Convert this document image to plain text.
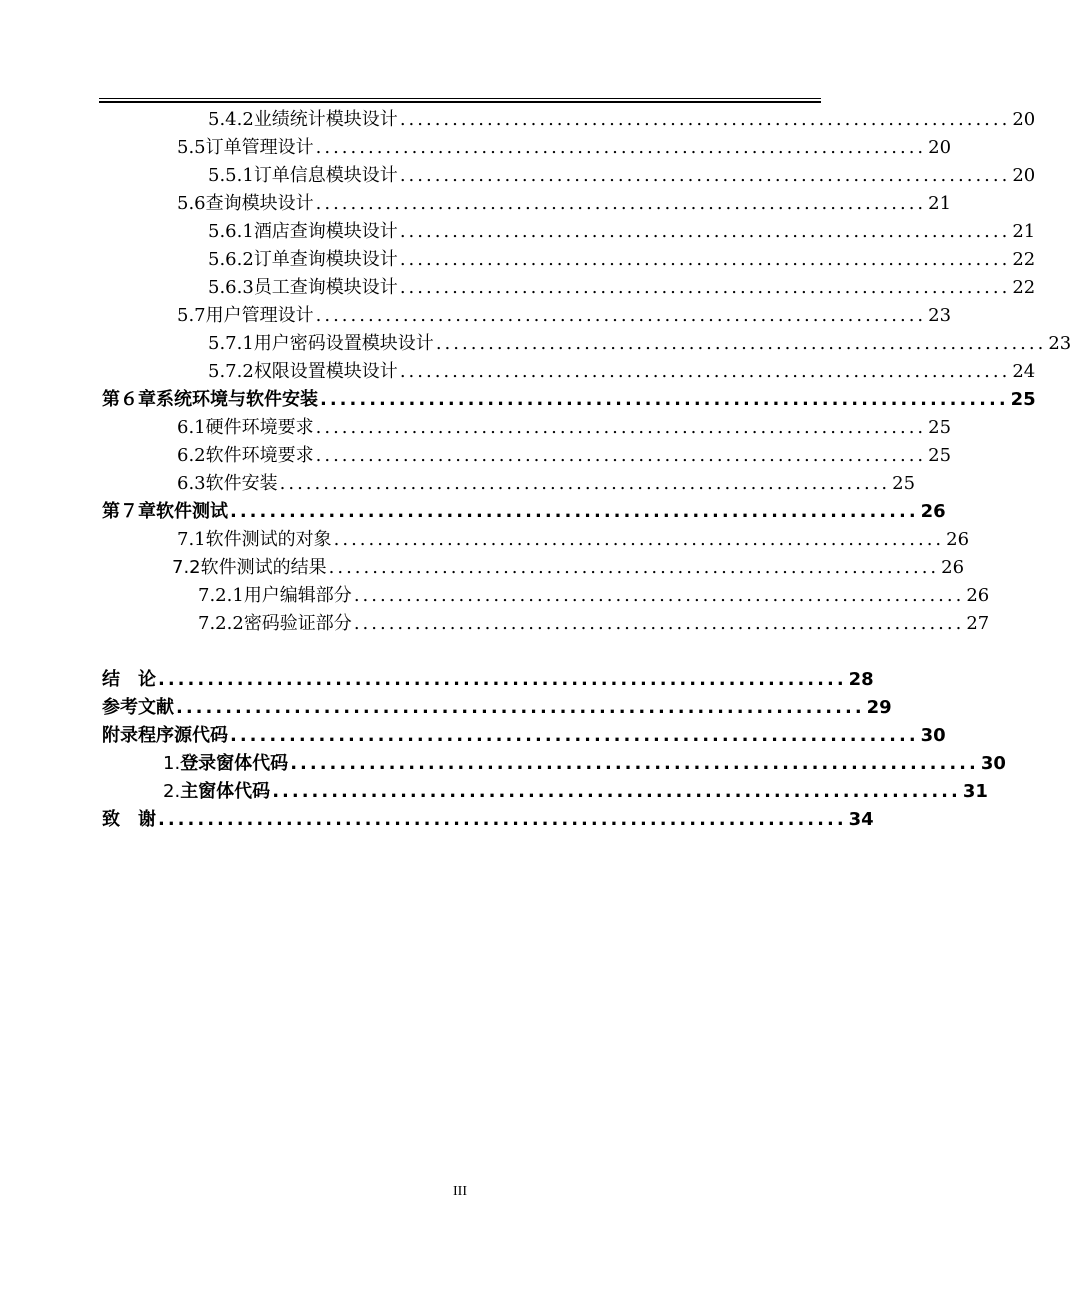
5.4.2 业绩统计模块设计 ...................................................................... 20
5.5 订单管理设计 ...................................................................... 20
5.5.1 订单信息模块设计 ...................................................................... 20
5.6 查询模块设计 ...................................................................... 21
5.6.1 酒店查询模块设计 ...................................................................... 21
5.6.2 订单查询模块设计 ...................................................................... 22
5.6.3 员工查询模块设计 ...................................................................... 22
5.7 用户管理设计 ...................................................................... 23
5.7.1 用户密码设置模块设计 ...................................................................... 23
5.7.2 权限设置模块设计 ...................................................................... 24
第６章 系统环境与软件安装 ...................................................................... 25
6.1 硬件环境要求 ...................................................................... 25
6.2 软件环境要求 ...................................................................... 25
6.3 软件安装 ...................................................................... 25
第７章 软件测试 ...................................................................... 26
7.1 软件测试的对象 ...................................................................... 26
7.2 软件测试的结果 ...................................................................... 26
7.2.1 用户编辑部分 ...................................................................... 26
7.2.2 密码验证部分 ...................................................................... 27
结　论 ...................................................................... 28
参考文献 ...................................................................... 29
附录 程序源代码 ...................................................................... 30
1. 登录窗体代码 ...................................................................... 30
2. 主窗体代码 ...................................................................... 31
致　谢 ...................................................................... 34
III
